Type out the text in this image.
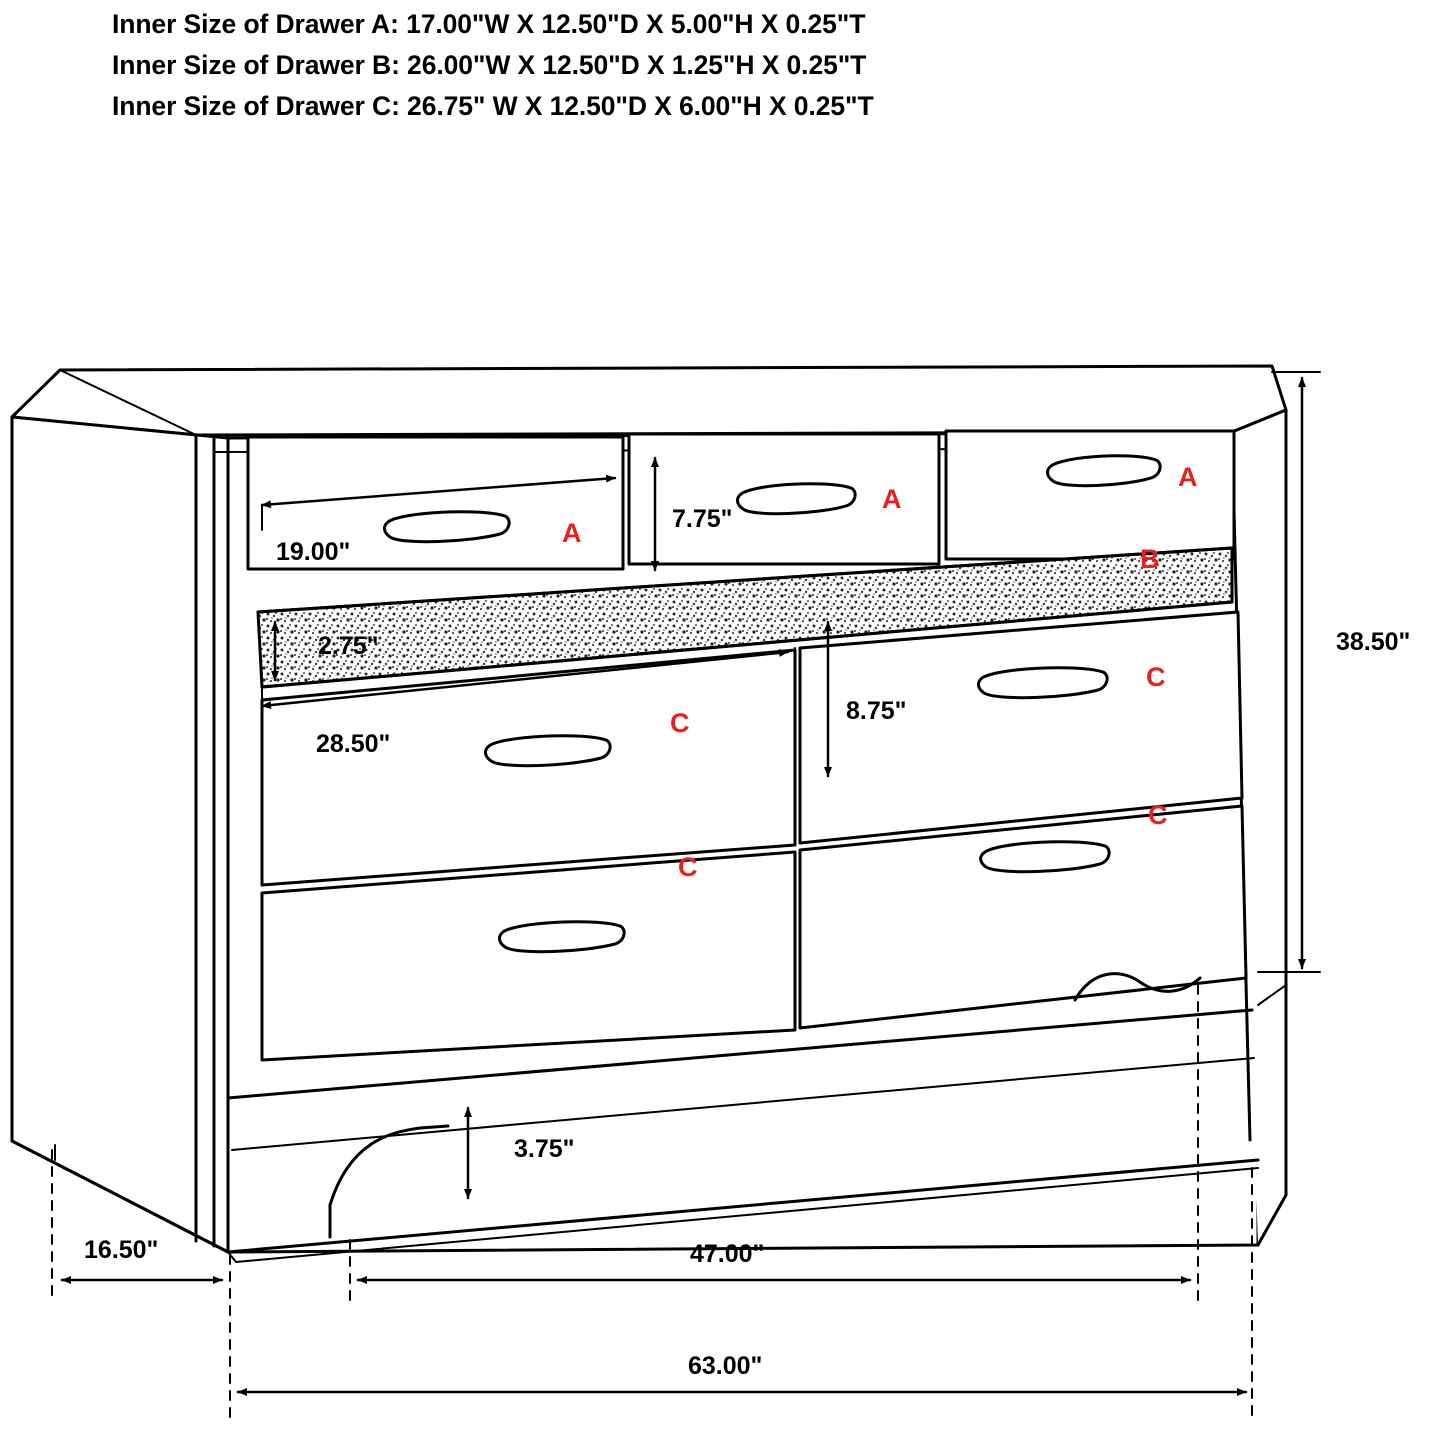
Inner Size of Drawer A: 17.00"W X 12.50"D X 5.00"H X 0.25"T
Inner Size of Drawer B: 26.00"W X 12.50"D X 1.25"H X 0.25"T
Inner Size of Drawer C: 26.75" W X 12.50"D X 6.00"H X 0.25"T
19.00"
7.75"
2.75"
28.50"
8.75"
38.50"
3.75"
16.50"	47.00"
63.00"
A
A
A
B
C
C
C
C
